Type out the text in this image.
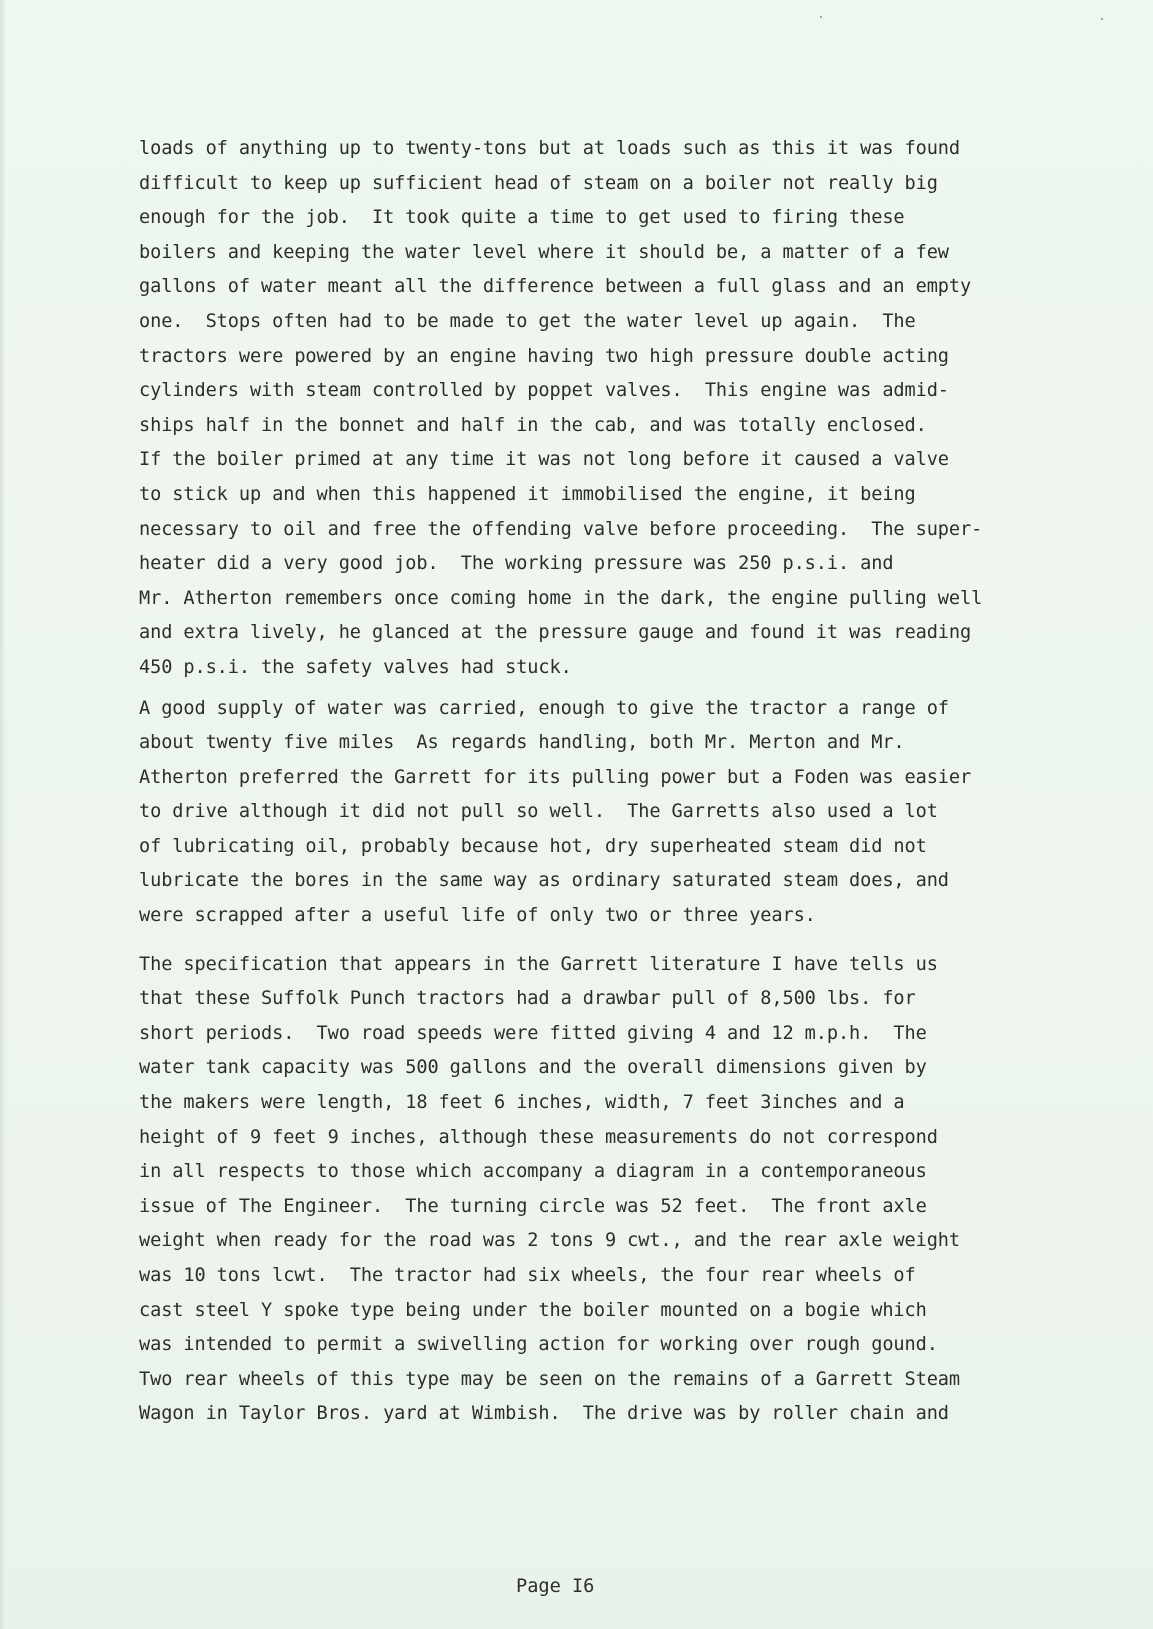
loads of anything up to twenty-tons but at loads such as this it was found
difficult to keep up sufficient head of steam on a boiler not really big
enough for the job.  It took quite a time to get used to firing these
boilers and keeping the water level where it should be, a matter of a few
gallons of water meant all the difference between a full glass and an empty
one.  Stops often had to be made to get the water level up again.  The
tractors were powered by an engine having two high pressure double acting
cylinders with steam controlled by poppet valves.  This engine was admid-
ships half in the bonnet and half in the cab, and was totally enclosed.
If the boiler primed at any time it was not long before it caused a valve
to stick up and when this happened it immobilised the engine, it being
necessary to oil and free the offending valve before proceeding.  The super-
heater did a very good job.  The working pressure was 250 p.s.i. and
Mr. Atherton remembers once coming home in the dark, the engine pulling well
and extra lively, he glanced at the pressure gauge and found it was reading
450 p.s.i. the safety valves had stuck.

A good supply of water was carried, enough to give the tractor a range of
about twenty five miles  As regards handling, both Mr. Merton and Mr.
Atherton preferred the Garrett for its pulling power but a Foden was easier
to drive although it did not pull so well.  The Garretts also used a lot
of lubricating oil, probably because hot, dry superheated steam did not
lubricate the bores in the same way as ordinary saturated steam does, and
were scrapped after a useful life of only two or three years.

The specification that appears in the Garrett literature I have tells us
that these Suffolk Punch tractors had a drawbar pull of 8,500 lbs. for
short periods.  Two road speeds were fitted giving 4 and 12 m.p.h.  The
water tank capacity was 500 gallons and the overall dimensions given by
the makers were length, 18 feet 6 inches, width, 7 feet 3inches and a
height of 9 feet 9 inches, although these measurements do not correspond
in all respects to those which accompany a diagram in a contemporaneous
issue of The Engineer.  The turning circle was 52 feet.  The front axle
weight when ready for the road was 2 tons 9 cwt., and the rear axle weight
was 10 tons lcwt.  The tractor had six wheels, the four rear wheels of
cast steel Y spoke type being under the boiler mounted on a bogie which
was intended to permit a swivelling action for working over rough gound.
Two rear wheels of this type may be seen on the remains of a Garrett Steam
Wagon in Taylor Bros. yard at Wimbish.  The drive was by roller chain and

Page I6
